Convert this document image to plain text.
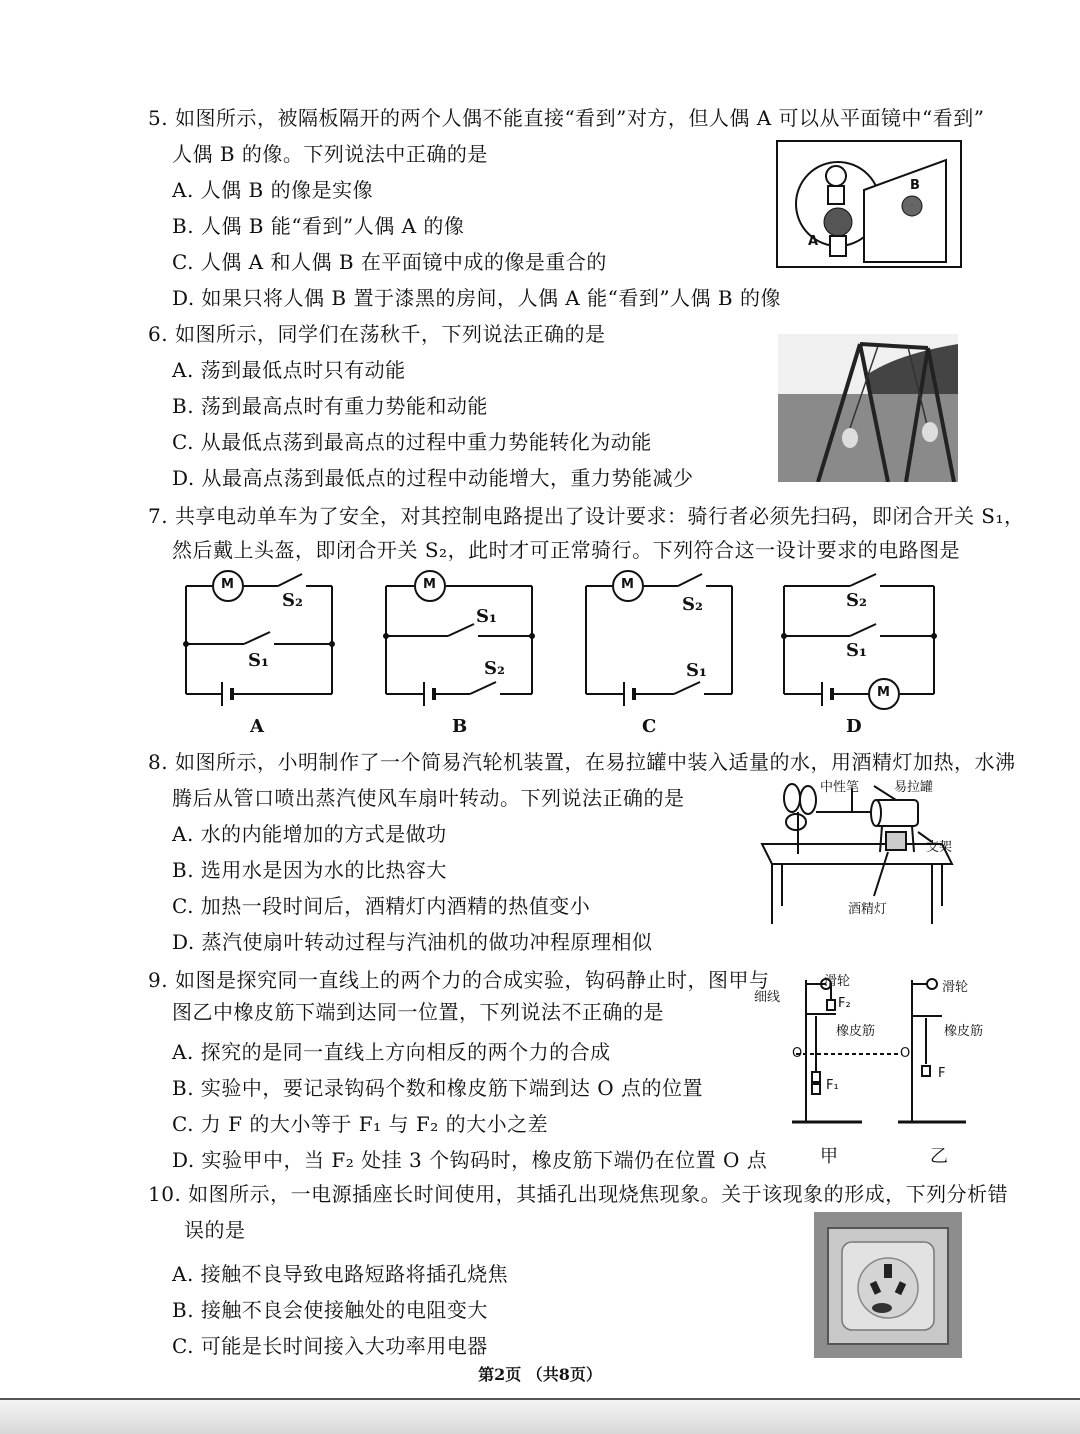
5. 如图所示，被隔板隔开的两个人偶不能直接“看到”对方，但人偶 A 可以从平面镜中“看到”
人偶 B 的像。下列说法中正确的是
A. 人偶 B 的像是实像
B. 人偶 B 能“看到”人偶 A 的像
C. 人偶 A 和人偶 B 在平面镜中成的像是重合的
D. 如果只将人偶 B 置于漆黑的房间，人偶 A 能“看到”人偶 B 的像
A
B
6. 如图所示，同学们在荡秋千，下列说法正确的是
A. 荡到最低点时只有动能
B. 荡到最高点时有重力势能和动能
C. 从最低点荡到最高点的过程中重力势能转化为动能
D. 从最高点荡到最低点的过程中动能增大，重力势能减少
7. 共享电动单车为了安全，对其控制电路提出了设计要求：骑行者必须先扫码，即闭合开关 S₁，
然后戴上头盔，即闭合开关 S₂，此时才可正常骑行。下列符合这一设计要求的电路图是
M
S₂
S₁
A
M
S₁
S₂
B
M
S₂
S₁
C
S₂
S₁
M
D
8. 如图所示，小明制作了一个简易汽轮机装置，在易拉罐中装入适量的水，用酒精灯加热，水沸
腾后从管口喷出蒸汽使风车扇叶转动。下列说法正确的是
A. 水的内能增加的方式是做功
B. 选用水是因为水的比热容大
C. 加热一段时间后，酒精灯内酒精的热值变小
D. 蒸汽使扇叶转动过程与汽油机的做功冲程原理相似
中性笔	易拉罐
支架
酒精灯
9. 如图是探究同一直线上的两个力的合成实验，钩码静止时，图甲与
图乙中橡皮筋下端到达同一位置，下列说法不正确的是
A. 探究的是同一直线上方向相反的两个力的合成
B. 实验中，要记录钩码个数和橡皮筋下端到达 O 点的位置
C. 力 F 的大小等于 F₁ 与 F₂ 的大小之差
D. 实验甲中，当 F₂ 处挂 3 个钩码时，橡皮筋下端仍在位置 O 点
滑轮
细线	F₂
橡皮筋
O	O
F₁
滑轮
橡皮筋
F
甲	乙
10. 如图所示，一电源插座长时间使用，其插孔出现烧焦现象。关于该现象的形成，下列分析错
误的是
A. 接触不良导致电路短路将插孔烧焦
B. 接触不良会使接触处的电阻变大
C. 可能是长时间接入大功率用电器
第2页 （共8页）
